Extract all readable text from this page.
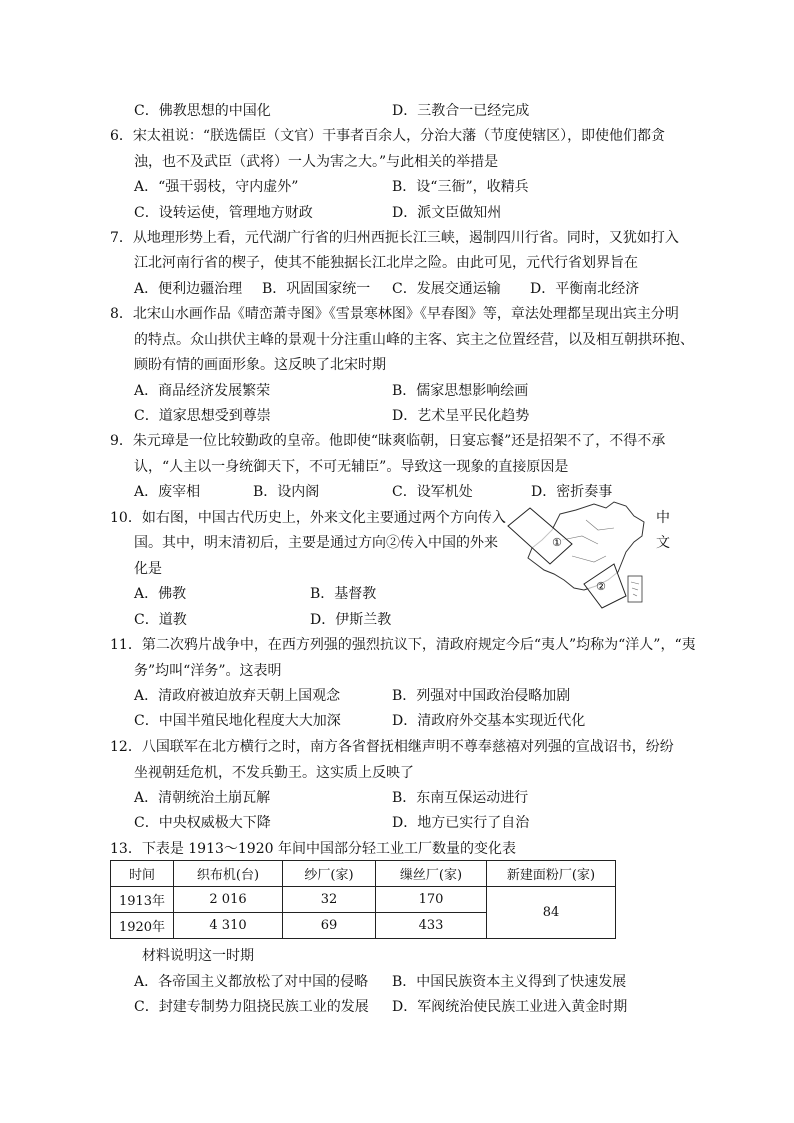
C．佛教思想的中国化	D．三教合一已经完成
6．宋太祖说：“朕选儒臣（文官）干事者百余人，分治大藩（节度使辖区），即使他们都贪
浊，也不及武臣（武将）一人为害之大。”与此相关的举措是
A．“强干弱枝，守内虚外”	B．设“三衙”，收精兵
C．设转运使，管理地方财政	D．派文臣做知州
7．从地理形势上看，元代湖广行省的归州西扼长江三峡，遏制四川行省。同时，又犹如打入
江北河南行省的楔子，使其不能独据长江北岸之险。由此可见，元代行省划界旨在
A．便利边疆治理 B．巩固国家统一 C．发展交通运输 D．平衡南北经济
8．北宋山水画作品《晴峦萧寺图》《雪景寒林图》《早春图》等，章法处理都呈现出宾主分明
的特点。众山拱伏主峰的景观十分注重山峰的主客、宾主之位置经营，以及相互朝拱环抱、
顾盼有情的画面形象。这反映了北宋时期
A．商品经济发展繁荣	B．儒家思想影响绘画
C．道家思想受到尊崇	D．艺术呈平民化趋势
9．朱元璋是一位比较勤政的皇帝。他即使“昧爽临朝，日宴忘餐”还是招架不了，不得不承
认，“人主以一身统御天下，不可无辅臣”。导致这一现象的直接原因是
A．废宰相	B．设内阁	C．设军机处	D．密折奏事
10．如右图，中国古代历史上，外来文化主要通过两个方向传入	中
国。其中，明末清初后，主要是通过方向②传入中国的外来	文
化是
A．佛教	B．基督教
C．道教	D．伊斯兰教
①
②
11．第二次鸦片战争中，在西方列强的强烈抗议下，清政府规定今后“夷人”均称为“洋人”，“夷
务”均叫“洋务”。这表明
A．清政府被迫放弃天朝上国观念	B．列强对中国政治侵略加剧
C．中国半殖民地化程度大大加深	D．清政府外交基本实现近代化
12．八国联军在北方横行之时，南方各省督抚相继声明不尊奉慈禧对列强的宣战诏书，纷纷
坐视朝廷危机，不发兵勤王。这实质上反映了
A．清朝统治土崩瓦解	B．东南互保运动进行
C．中央权威极大下降	D．地方已实行了自治
13．下表是 1913～1920 年间中国部分轻工业工厂数量的变化表
时间	织布机(台)	纱厂(家)	缫丝厂(家)	新建面粉厂(家)
1913年	2 016	32	170	84
1920年	4 310	69	433	
材料说明这一时期
A．各帝国主义都放松了对中国的侵略 B．中国民族资本主义得到了快速发展
C．封建专制势力阻挠民族工业的发展 D．军阀统治使民族工业进入黄金时期
